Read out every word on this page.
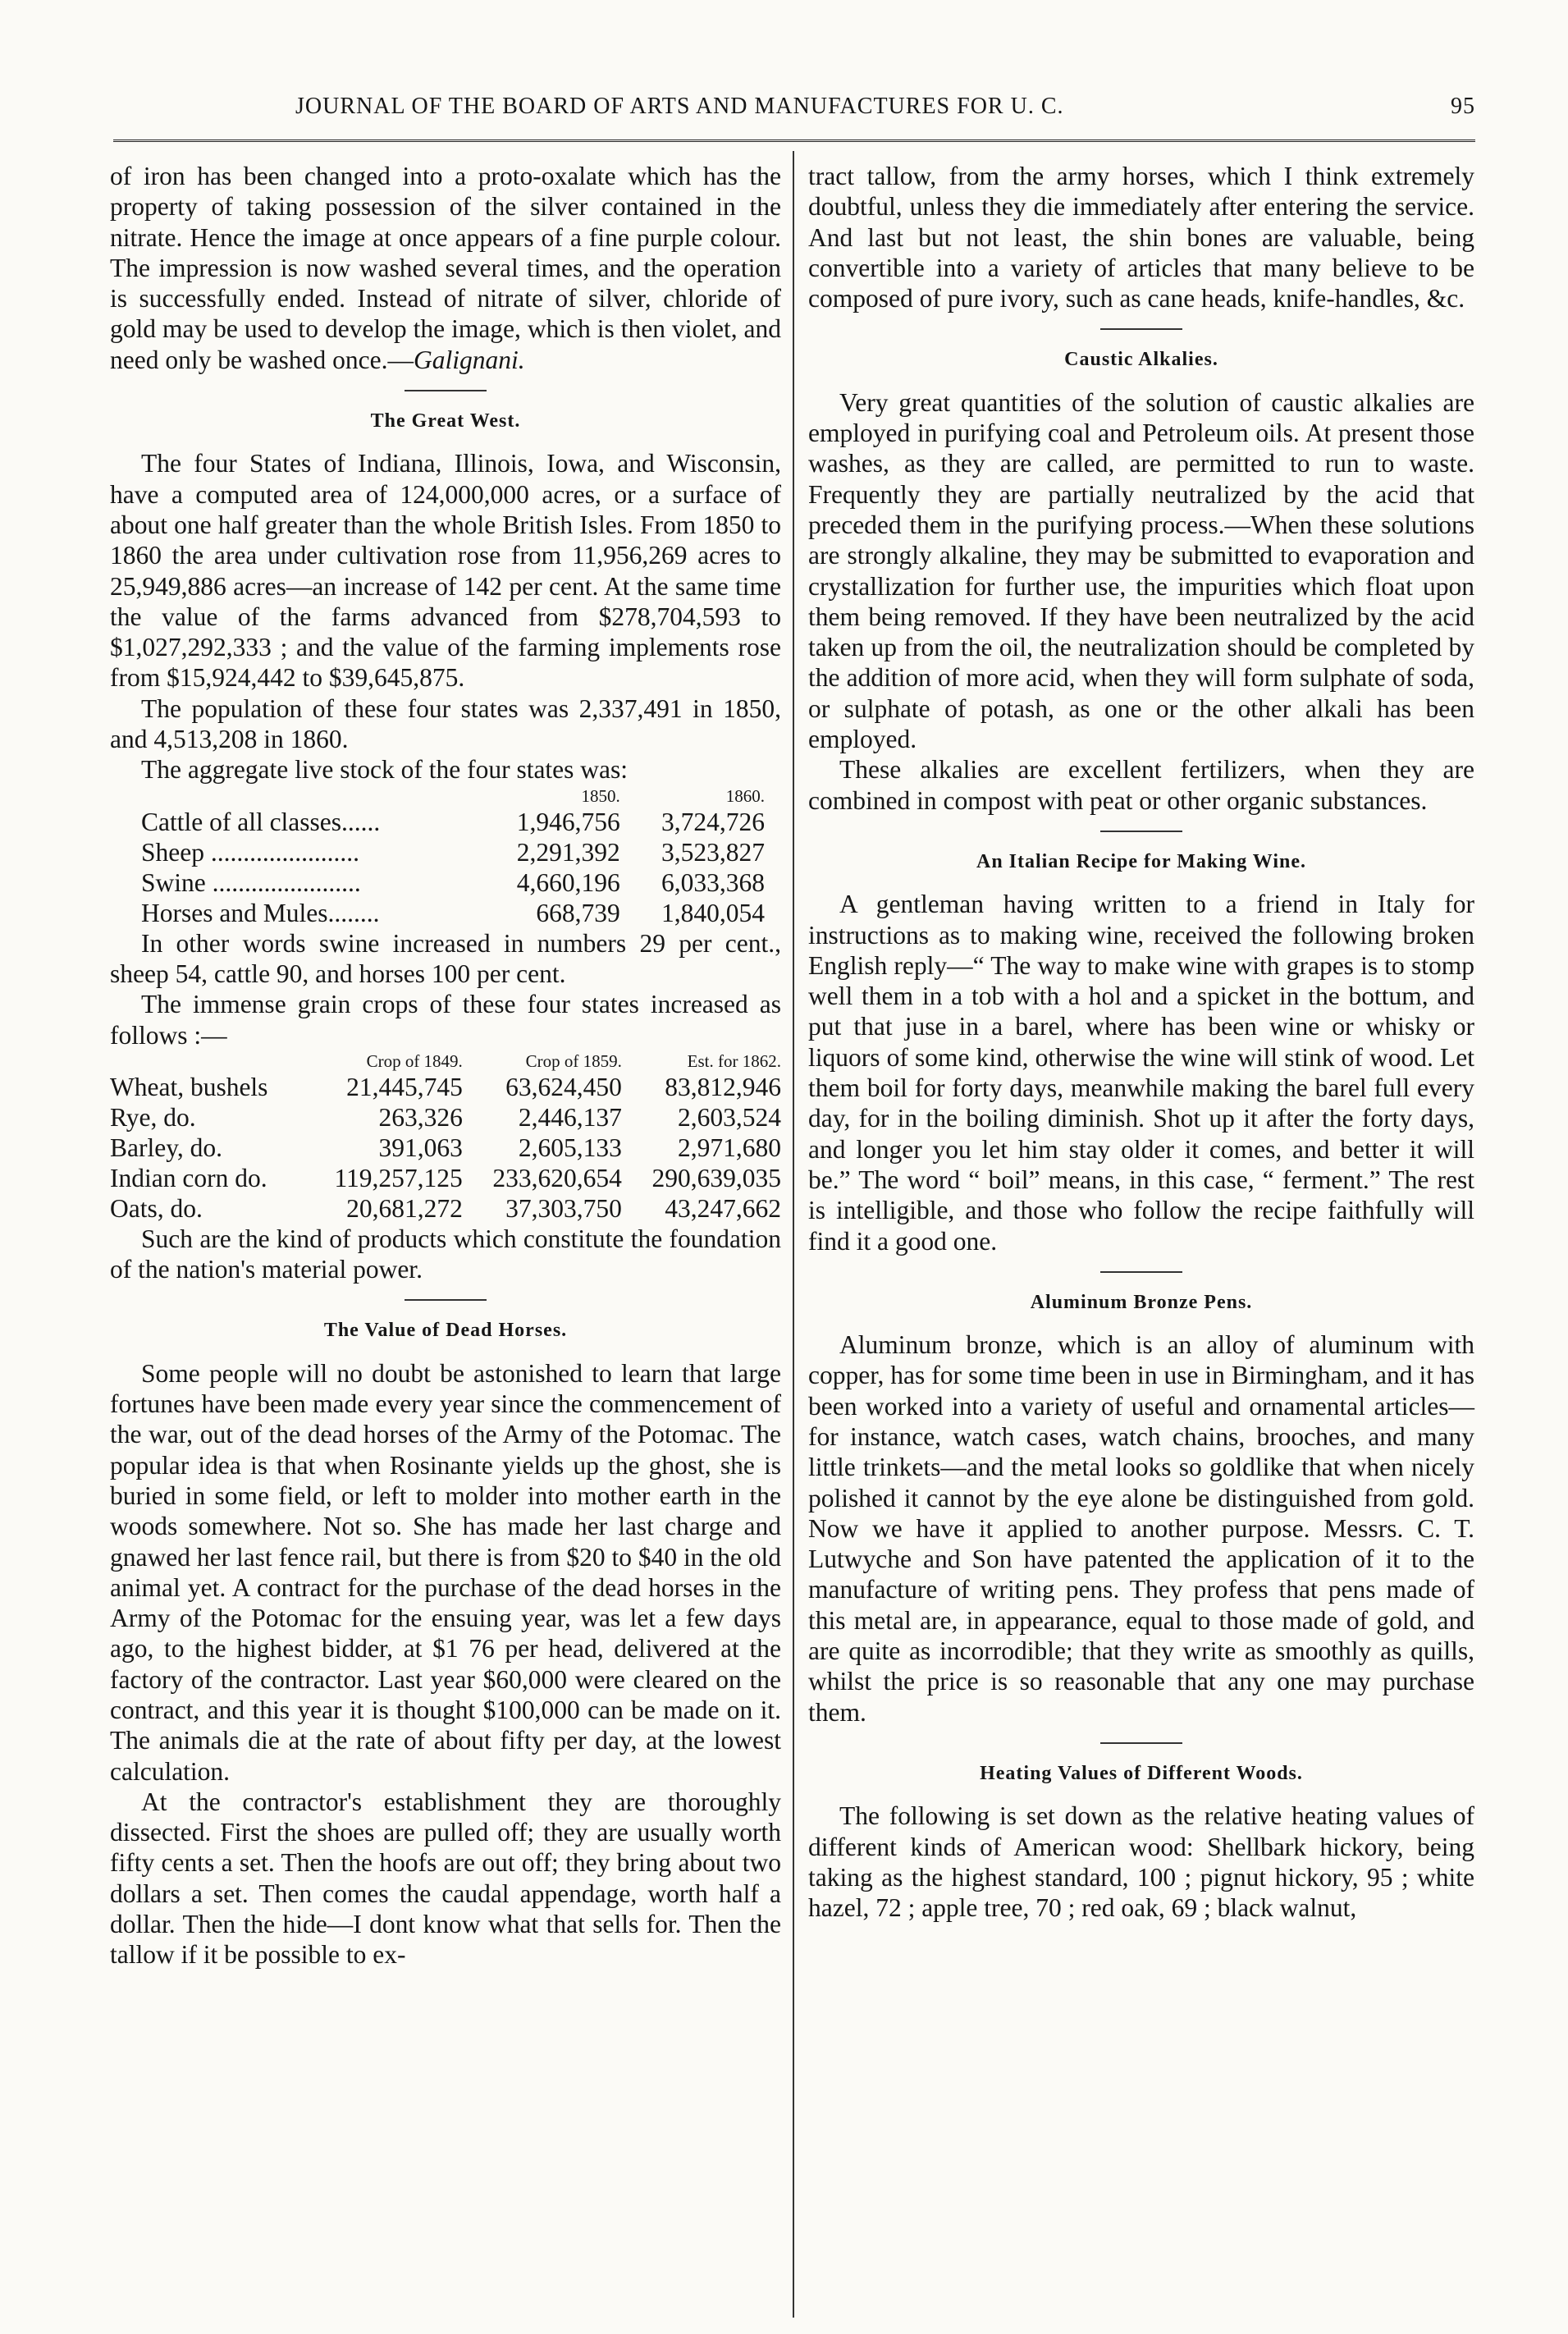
JOURNAL OF THE BOARD OF ARTS AND MANUFACTURES FOR U. C.	95

of iron has been changed into a proto-oxalate which has the property of taking possession of the silver contained in the nitrate. Hence the image at once appears of a fine purple colour. The impression is now washed several times, and the operation is successfully ended. Instead of nitrate of silver, chloride of gold may be used to develop the image, which is then violet, and need only be washed once.—Galignani.

The Great West.

The four States of Indiana, Illinois, Iowa, and Wisconsin, have a computed area of 124,000,000 acres, or a surface of about one half greater than the whole British Isles. From 1850 to 1860 the area under cultivation rose from 11,956,269 acres to 25,949,886 acres—an increase of 142 per cent. At the same time the value of the farms advanced from $278,704,593 to $1,027,292,333 ; and the value of the farming implements rose from $15,924,442 to $39,645,875.

The population of these four states was 2,337,491 in 1850, and 4,513,208 in 1860.

The aggregate live stock of the four states was:

	1850.	1860.
Cattle of all classes......	1,946,756	3,724,726
Sheep .......................	2,291,392	3,523,827
Swine .......................	4,660,196	6,033,368
Horses and Mules........	668,739	1,840,054

In other words swine increased in numbers 29 per cent., sheep 54, cattle 90, and horses 100 per cent.

The immense grain crops of these four states increased as follows :—

	Crop of 1849.	Crop of 1859.	Est. for 1862.
Wheat, bushels	21,445,745	63,624,450	83,812,946
Rye, do.	263,326	2,446,137	2,603,524
Barley, do.	391,063	2,605,133	2,971,680
Indian corn do.	119,257,125	233,620,654	290,639,035
Oats, do.	20,681,272	37,303,750	43,247,662

Such are the kind of products which constitute the foundation of the nation's material power.

The Value of Dead Horses.

Some people will no doubt be astonished to learn that large fortunes have been made every year since the commencement of the war, out of the dead horses of the Army of the Potomac. The popular idea is that when Rosinante yields up the ghost, she is buried in some field, or left to molder into mother earth in the woods somewhere. Not so. She has made her last charge and gnawed her last fence rail, but there is from $20 to $40 in the old animal yet. A contract for the purchase of the dead horses in the Army of the Potomac for the ensuing year, was let a few days ago, to the highest bidder, at $1 76 per head, delivered at the factory of the contractor. Last year $60,000 were cleared on the contract, and this year it is thought $100,000 can be made on it. The animals die at the rate of about fifty per day, at the lowest calculation.

At the contractor's establishment they are thoroughly dissected. First the shoes are pulled off; they are usually worth fifty cents a set. Then the hoofs are out off; they bring about two dollars a set. Then comes the caudal appendage, worth half a dollar. Then the hide—I dont know what that sells for. Then the tallow if it be possible to ex-

tract tallow, from the army horses, which I think extremely doubtful, unless they die immediately after entering the service. And last but not least, the shin bones are valuable, being convertible into a variety of articles that many believe to be composed of pure ivory, such as cane heads, knife-handles, &c.

Caustic Alkalies.

Very great quantities of the solution of caustic alkalies are employed in purifying coal and Petroleum oils. At present those washes, as they are called, are permitted to run to waste. Frequently they are partially neutralized by the acid that preceded them in the purifying process.—When these solutions are strongly alkaline, they may be submitted to evaporation and crystallization for further use, the impurities which float upon them being removed. If they have been neutralized by the acid taken up from the oil, the neutralization should be completed by the addition of more acid, when they will form sulphate of soda, or sulphate of potash, as one or the other alkali has been employed.

These alkalies are excellent fertilizers, when they are combined in compost with peat or other organic substances.

An Italian Recipe for Making Wine.

A gentleman having written to a friend in Italy for instructions as to making wine, received the following broken English reply—“ The way to make wine with grapes is to stomp well them in a tob with a hol and a spicket in the bottum, and put that juse in a barel, where has been wine or whisky or liquors of some kind, otherwise the wine will stink of wood. Let them boil for forty days, meanwhile making the barel full every day, for in the boiling diminish. Shot up it after the forty days, and longer you let him stay older it comes, and better it will be.” The word “ boil” means, in this case, “ ferment.” The rest is intelligible, and those who follow the recipe faithfully will find it a good one.

Aluminum Bronze Pens.

Aluminum bronze, which is an alloy of aluminum with copper, has for some time been in use in Birmingham, and it has been worked into a variety of useful and ornamental articles—for instance, watch cases, watch chains, brooches, and many little trinkets—and the metal looks so goldlike that when nicely polished it cannot by the eye alone be distinguished from gold. Now we have it applied to another purpose. Messrs. C. T. Lutwyche and Son have patented the application of it to the manufacture of writing pens. They profess that pens made of this metal are, in appearance, equal to those made of gold, and are quite as incorrodible; that they write as smoothly as quills, whilst the price is so reasonable that any one may purchase them.

Heating Values of Different Woods.

The following is set down as the relative heating values of different kinds of American wood: Shellbark hickory, being taking as the highest standard, 100 ; pignut hickory, 95 ; white hazel, 72 ; apple tree, 70 ; red oak, 69 ; black walnut,
